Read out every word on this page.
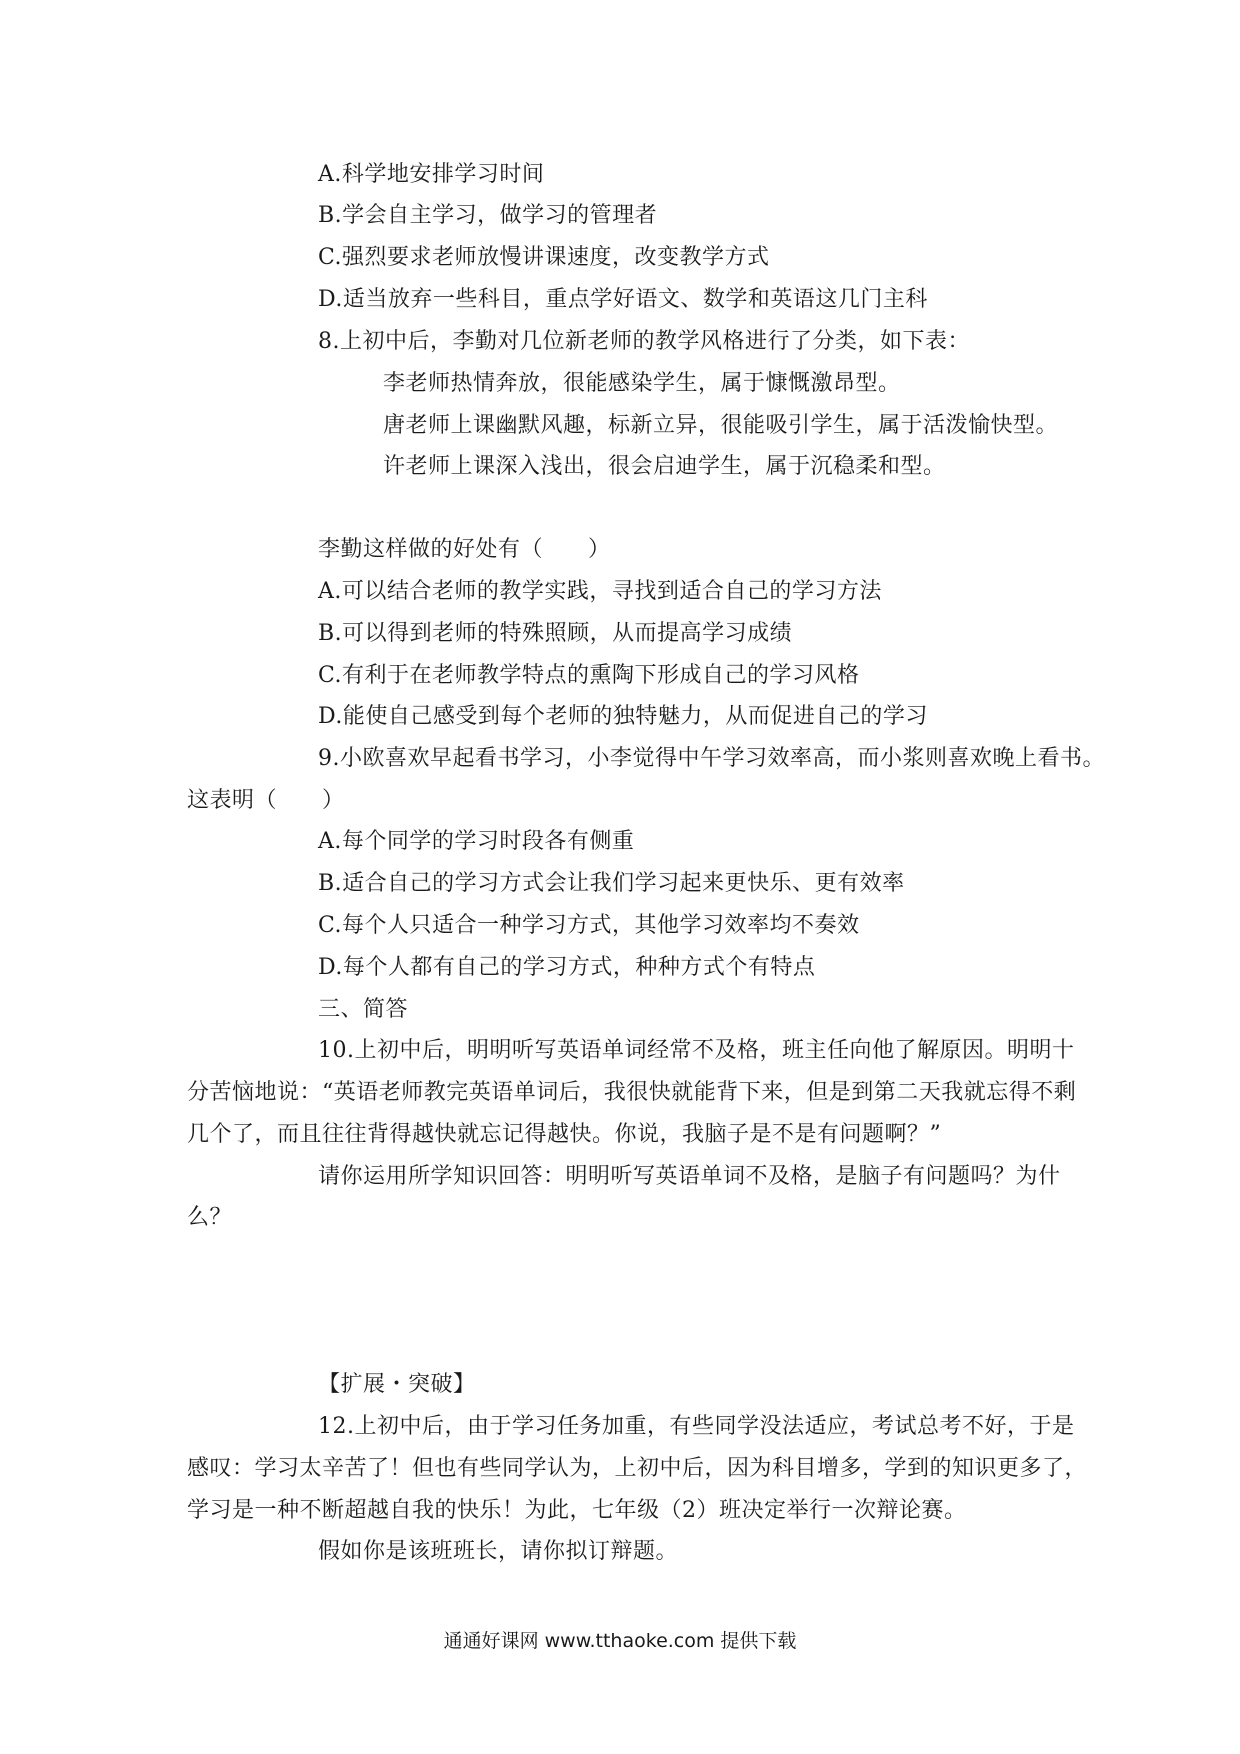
A.科学地安排学习时间
B.学会自主学习，做学习的管理者
C.强烈要求老师放慢讲课速度，改变教学方式
D.适当放弃一些科目，重点学好语文、数学和英语这几门主科
8.上初中后，李勤对几位新老师的教学风格进行了分类，如下表：
李老师热情奔放，很能感染学生，属于慷慨激昂型。
唐老师上课幽默风趣，标新立异，很能吸引学生，属于活泼愉快型。
许老师上课深入浅出，很会启迪学生，属于沉稳柔和型。
李勤这样做的好处有（　　）
A.可以结合老师的教学实践，寻找到适合自己的学习方法
B.可以得到老师的特殊照顾，从而提高学习成绩
C.有利于在老师教学特点的熏陶下形成自己的学习风格
D.能使自己感受到每个老师的独特魅力，从而促进自己的学习
9.小欧喜欢早起看书学习，小李觉得中午学习效率高，而小浆则喜欢晚上看书。
这表明（　　）
A.每个同学的学习时段各有侧重
B.适合自己的学习方式会让我们学习起来更快乐、更有效率
C.每个人只适合一种学习方式，其他学习效率均不奏效
D.每个人都有自己的学习方式，种种方式个有特点
三、简答
10.上初中后，明明听写英语单词经常不及格，班主任向他了解原因。明明十
分苦恼地说：“英语老师教完英语单词后，我很快就能背下来，但是到第二天我就忘得不剩
几个了，而且往往背得越快就忘记得越快。你说，我脑子是不是有问题啊？”
请你运用所学知识回答：明明听写英语单词不及格，是脑子有问题吗？为什
么？
【扩展・突破】
12.上初中后，由于学习任务加重，有些同学没法适应，考试总考不好，于是
感叹：学习太辛苦了！但也有些同学认为，上初中后，因为科目增多，学到的知识更多了，
学习是一种不断超越自我的快乐！为此，七年级（2）班决定举行一次辩论赛。
假如你是该班班长，请你拟订辩题。
通通好课网 www.tthaoke.com 提供下载
